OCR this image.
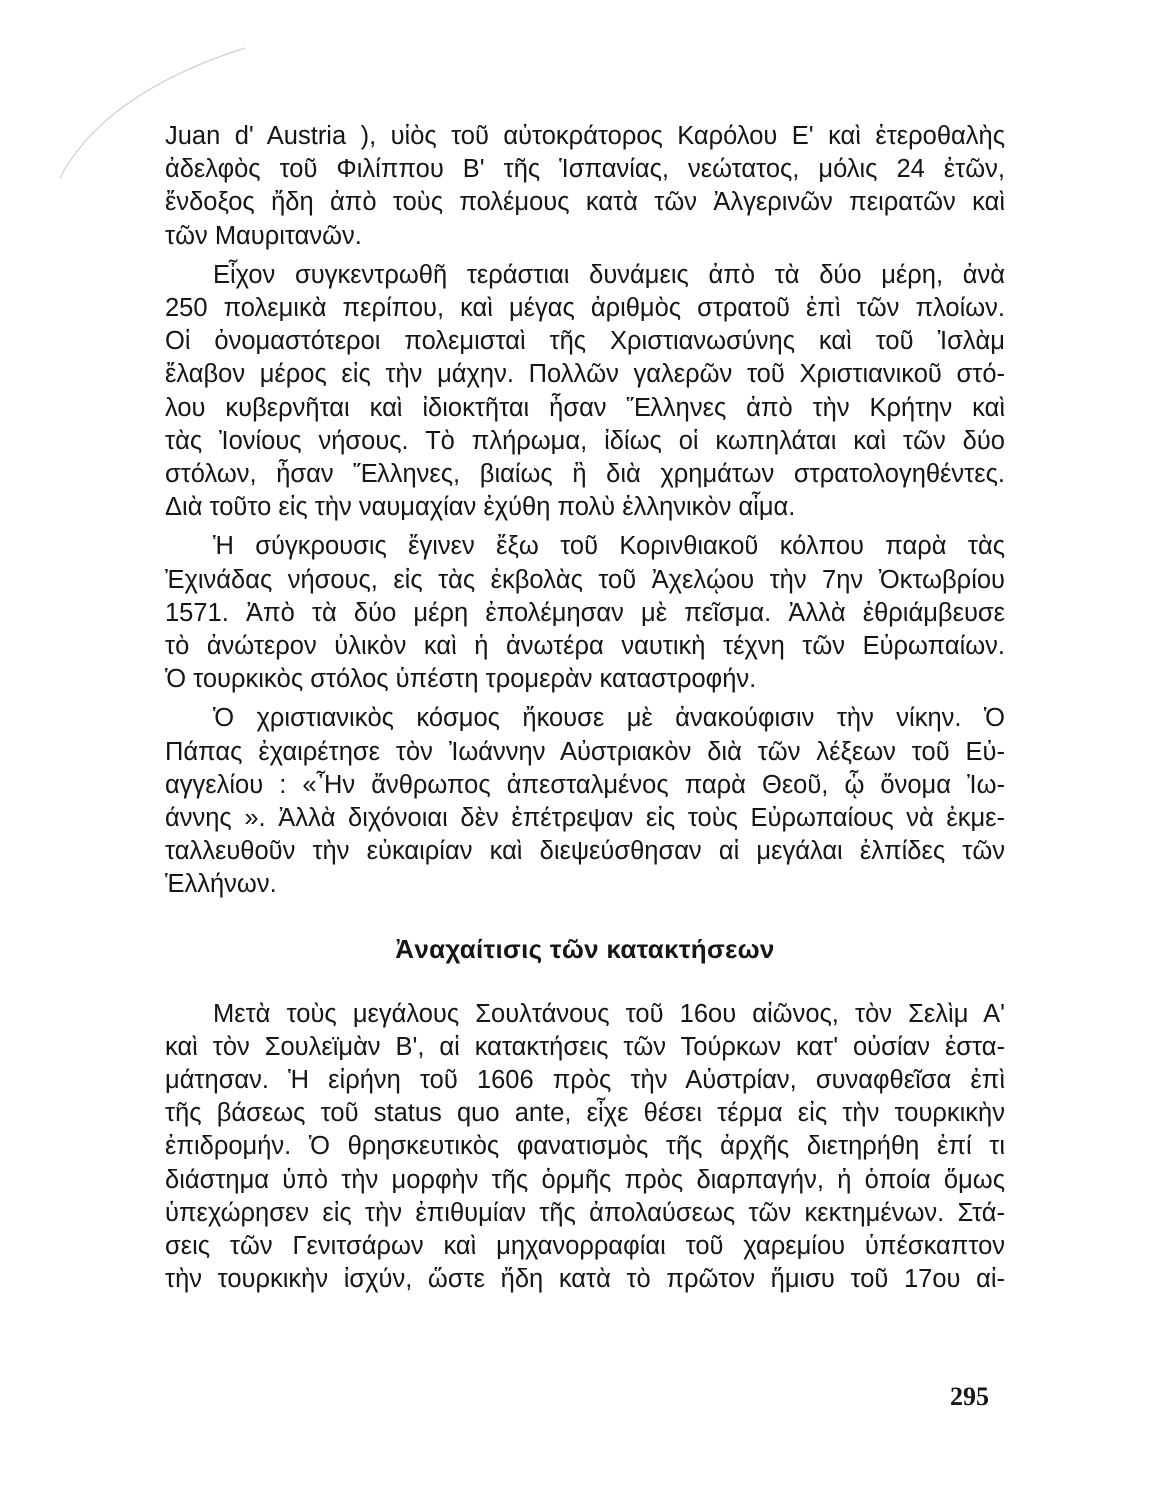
Juan d' Austria ), υἱὸς τοῦ αὐτοκράτορος Καρόλου Ε' καὶ ἑτεροθαλὴς

ἀδελφὸς τοῦ Φιλίππου Β' τῆς Ἱσπανίας, νεώτατος, μόλις 24 ἐτῶν,

ἔνδοξος ἤδη ἀπὸ τοὺς πολέμους κατὰ τῶν Ἀλγερινῶν πειρατῶν καὶ

τῶν Μαυριτανῶν.

Εἶχον συγκεντρωθῆ τεράστιαι δυνάμεις ἀπὸ τὰ δύο μέρη, ἀνὰ

250 πολεμικὰ περίπου, καὶ μέγας ἀριθμὸς στρατοῦ ἐπὶ τῶν πλοίων.

Οἱ ὀνομαστότεροι πολεμισταὶ τῆς Χριστιανωσύνης καὶ τοῦ Ἰσλὰμ

ἔλαβον μέρος εἰς τὴν μάχην. Πολλῶν γαλερῶν τοῦ Χριστιανικοῦ στό-

λου κυβερνῆται καὶ ἰδιοκτῆται ἦσαν Ἕλληνες ἀπὸ τὴν Κρήτην καὶ

τὰς Ἰονίους νήσους. Τὸ πλήρωμα, ἰδίως οἱ κωπηλάται καὶ τῶν δύο

στόλων, ἦσαν Ἕλληνες, βιαίως ἢ διὰ χρημάτων στρατολογηθέντες.

Διὰ τοῦτο εἰς τὴν ναυμαχίαν ἐχύθη πολὺ ἑλληνικὸν αἷμα.

Ἡ σύγκρουσις ἔγινεν ἔξω τοῦ Κορινθιακοῦ κόλπου παρὰ τὰς

Ἐχινάδας νήσους, εἰς τὰς ἐκβολὰς τοῦ Ἀχελῴου τὴν 7ην Ὀκτωβρίου

1571. Ἀπὸ τὰ δύο μέρη ἐπολέμησαν μὲ πεῖσμα. Ἀλλὰ ἐθριάμβευσε

τὸ ἀνώτερον ὑλικὸν καὶ ἡ ἀνωτέρα ναυτικὴ τέχνη τῶν Εὐρωπαίων.

Ὁ τουρκικὸς στόλος ὑπέστη τρομερὰν καταστροφήν.

Ὁ χριστιανικὸς κόσμος ἤκουσε μὲ ἀνακούφισιν τὴν νίκην. Ὁ

Πάπας ἐχαιρέτησε τὸν Ἰωάννην Αὐστριακὸν διὰ τῶν λέξεων τοῦ Εὐ-

αγγελίου : «Ἦν ἄνθρωπος ἀπεσταλμένος παρὰ Θεοῦ, ᾧ ὄνομα Ἰω-

άννης ». Ἀλλὰ διχόνοιαι δὲν ἐπέτρεψαν εἰς τοὺς Εὐρωπαίους νὰ ἐκμε-

ταλλευθοῦν τὴν εὐκαιρίαν καὶ διεψεύσθησαν αἱ μεγάλαι ἐλπίδες τῶν

Ἑλλήνων.

Ἀναχαίτισις τῶν κατακτήσεων

Μετὰ τοὺς μεγάλους Σουλτάνους τοῦ 16ου αἰῶνος, τὸν Σελὶμ Α'

καὶ τὸν Σουλεϊμὰν Β', αἱ κατακτήσεις τῶν Τούρκων κατ' οὐσίαν ἐστα-

μάτησαν. Ἡ εἰρήνη τοῦ 1606 πρὸς τὴν Αὐστρίαν, συναφθεῖσα ἐπὶ

τῆς βάσεως τοῦ status quo ante, εἶχε θέσει τέρμα εἰς τὴν τουρκικὴν

ἐπιδρομήν. Ὁ θρησκευτικὸς φανατισμὸς τῆς ἀρχῆς διετηρήθη ἐπί τι

διάστημα ὑπὸ τὴν μορφὴν τῆς ὁρμῆς πρὸς διαρπαγήν, ἡ ὁποία ὅμως

ὑπεχώρησεν εἰς τὴν ἐπιθυμίαν τῆς ἀπολαύσεως τῶν κεκτημένων. Στά-

σεις τῶν Γενιτσάρων καὶ μηχανορραφίαι τοῦ χαρεμίου ὑπέσκαπτον

τὴν τουρκικὴν ἰσχύν, ὥστε ἤδη κατὰ τὸ πρῶτον ἥμισυ τοῦ 17ου αἰ-

295
